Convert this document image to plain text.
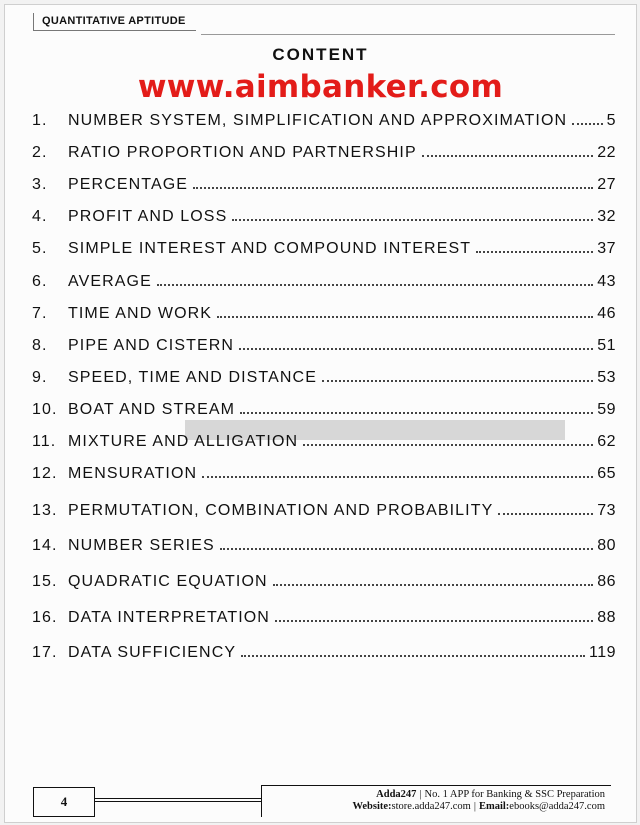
QUANTITATIVE APTITUDE
CONTENT
www.aimbanker.com
1.	NUMBER SYSTEM, SIMPLIFICATION AND APPROXIMATION 5
2.	RATIO PROPORTION AND PARTNERSHIP	22
3.	PERCENTAGE	27
4.	PROFIT AND LOSS	32
5.	SIMPLE INTEREST AND COMPOUND INTEREST	37
6.	AVERAGE	43
7.	TIME AND WORK	46
8.	PIPE AND CISTERN	51
9.	SPEED, TIME AND DISTANCE	53
10. BOAT AND STREAM	59
11. MIXTURE AND ALLIGATION	62
12. MENSURATION	65
13. PERMUTATION, COMBINATION AND PROBABILITY	73
14. NUMBER SERIES	80
15. QUADRATIC EQUATION	86
16. DATA INTERPRETATION	88
17. DATA SUFFICIENCY	119
4	Adda247 | No. 1 APP for Banking & SSC Preparation
Website:store.adda247.com | Email:ebooks@adda247.com
